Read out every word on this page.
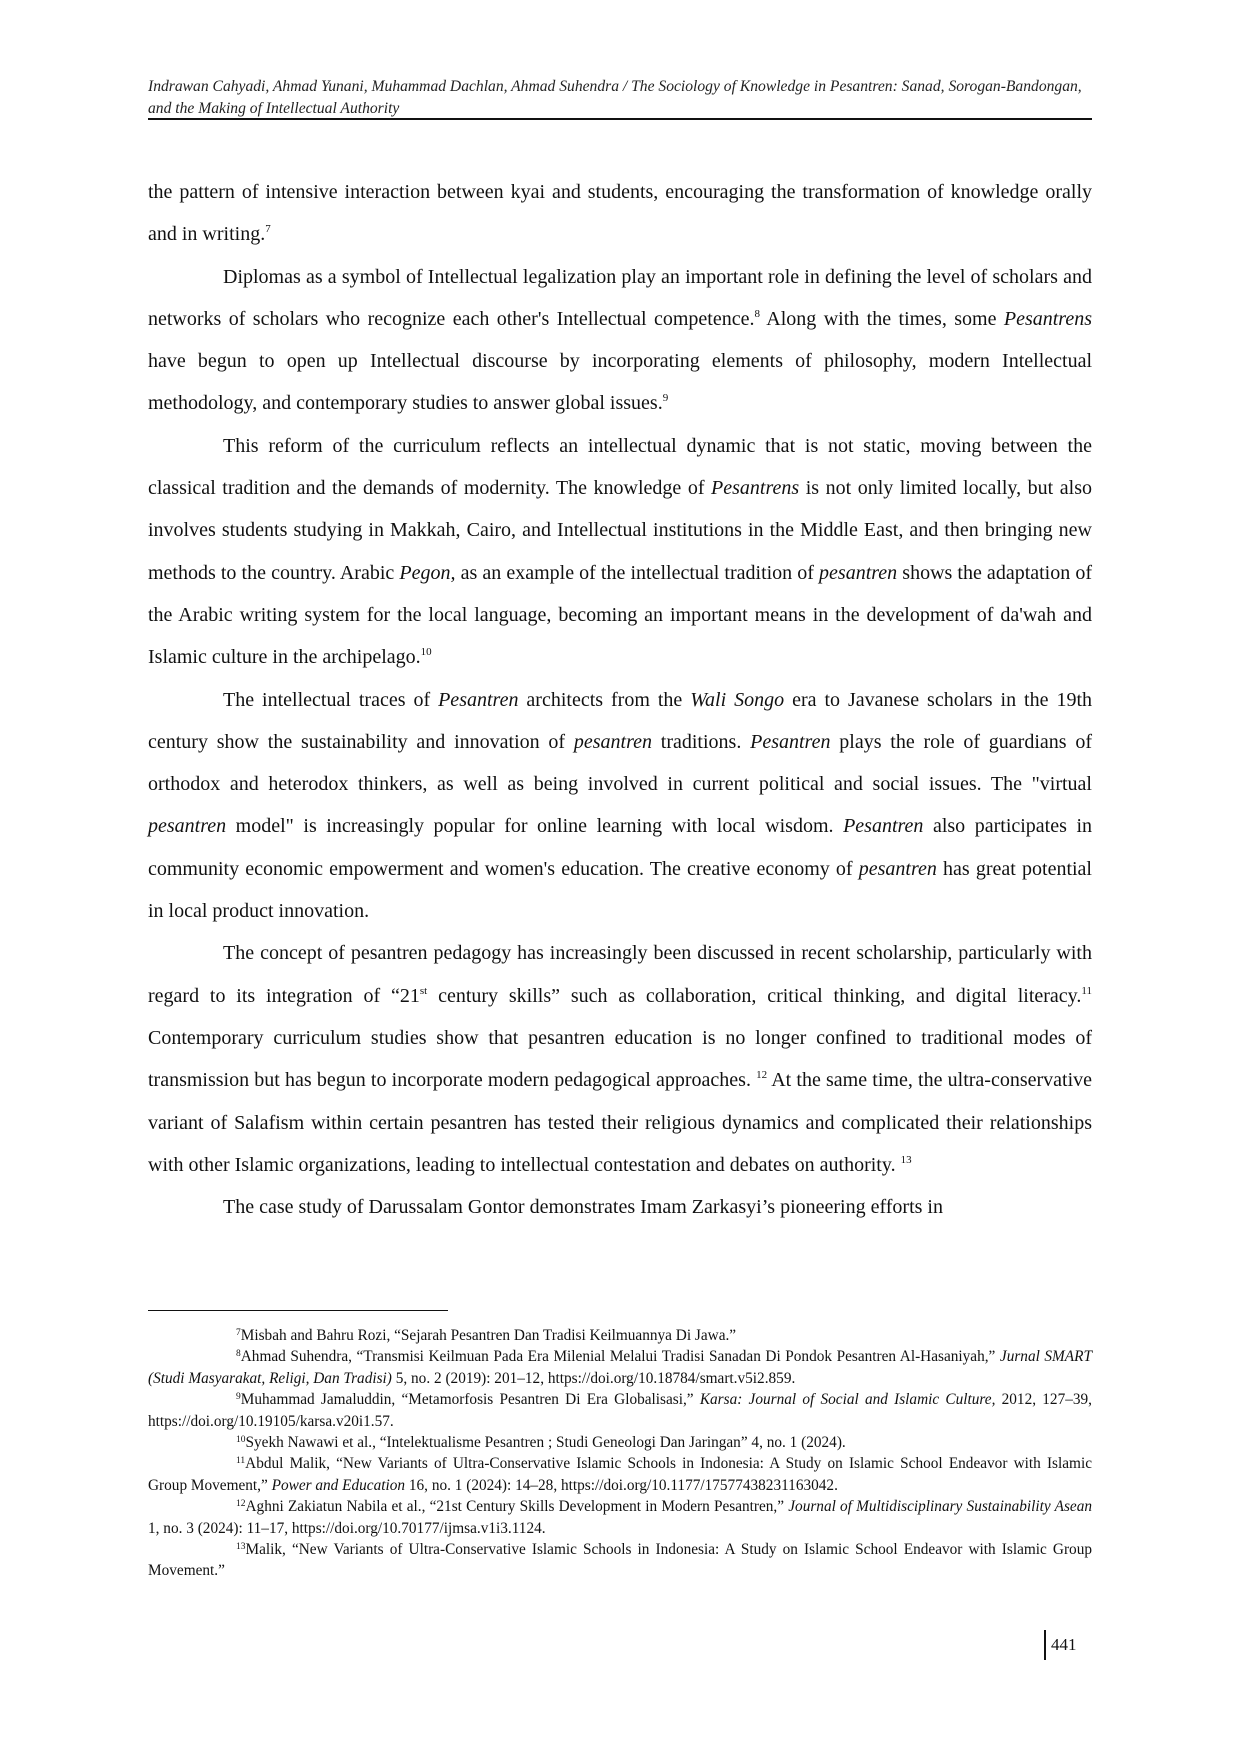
Indrawan Cahyadi, Ahmad Yunani, Muhammad Dachlan, Ahmad Suhendra / The Sociology of Knowledge in Pesantren: Sanad, Sorogan-Bandongan, and the Making of Intellectual Authority

the pattern of intensive interaction between kyai and students, encouraging the transformation of knowledge orally and in writing.$^7$

Diplomas as a symbol of Intellectual legalization play an important role in defining the level of scholars and networks of scholars who recognize each other's Intellectual competence.$^8$ Along with the times, some Pesantrens have begun to open up Intellectual discourse by incorporating elements of philosophy, modern Intellectual methodology, and contemporary studies to answer global issues.$^9$

This reform of the curriculum reflects an intellectual dynamic that is not static, moving between the classical tradition and the demands of modernity. The knowledge of Pesantrens is not only limited locally, but also involves students studying in Makkah, Cairo, and Intellectual institutions in the Middle East, and then bringing new methods to the country. Arabic Pegon, as an example of the intellectual tradition of pesantren shows the adaptation of the Arabic writing system for the local language, becoming an important means in the development of da'wah and Islamic culture in the archipelago.$^{10}$

The intellectual traces of Pesantren architects from the Wali Songo era to Javanese scholars in the 19th century show the sustainability and innovation of pesantren traditions. Pesantren plays the role of guardians of orthodox and heterodox thinkers, as well as being involved in current political and social issues. The "virtual pesantren model" is increasingly popular for online learning with local wisdom. Pesantren also participates in community economic empowerment and women's education. The creative economy of pesantren has great potential in local product innovation.

The concept of pesantren pedagogy has increasingly been discussed in recent scholarship, particularly with regard to its integration of “21st century skills” such as collaboration, critical thinking, and digital literacy.$^{11}$ Contemporary curriculum studies show that pesantren education is no longer confined to traditional modes of transmission but has begun to incorporate modern pedagogical approaches. $^{12}$ At the same time, the ultra-conservative variant of Salafism within certain pesantren has tested their religious dynamics and complicated their relationships with other Islamic organizations, leading to intellectual contestation and debates on authority. $^{13}$

The case study of Darussalam Gontor demonstrates Imam Zarkasyi’s pioneering efforts in

$^7$Misbah and Bahru Rozi, “Sejarah Pesantren Dan Tradisi Keilmuannya Di Jawa.”

$^8$Ahmad Suhendra, “Transmisi Keilmuan Pada Era Milenial Melalui Tradisi Sanadan Di Pondok Pesantren Al-Hasaniyah,” Jurnal SMART (Studi Masyarakat, Religi, Dan Tradisi) 5, no. 2 (2019): 201–12, https://doi.org/10.18784/smart.v5i2.859.

$^9$Muhammad Jamaluddin, “Metamorfosis Pesantren Di Era Globalisasi,” Karsa: Journal of Social and Islamic Culture, 2012, 127–39, https://doi.org/10.19105/karsa.v20i1.57.

$^{10}$Syekh Nawawi et al., “Intelektualisme Pesantren ; Studi Geneologi Dan Jaringan” 4, no. 1 (2024).

$^{11}$Abdul Malik, “New Variants of Ultra-Conservative Islamic Schools in Indonesia: A Study on Islamic School Endeavor with Islamic Group Movement,” Power and Education 16, no. 1 (2024): 14–28, https://doi.org/10.1177/17577438231163042.

$^{12}$Aghni Zakiatun Nabila et al., “21st Century Skills Development in Modern Pesantren,” Journal of Multidisciplinary Sustainability Asean 1, no. 3 (2024): 11–17, https://doi.org/10.70177/ijmsa.v1i3.1124.

$^{13}$Malik, “New Variants of Ultra-Conservative Islamic Schools in Indonesia: A Study on Islamic School Endeavor with Islamic Group Movement.”

441
